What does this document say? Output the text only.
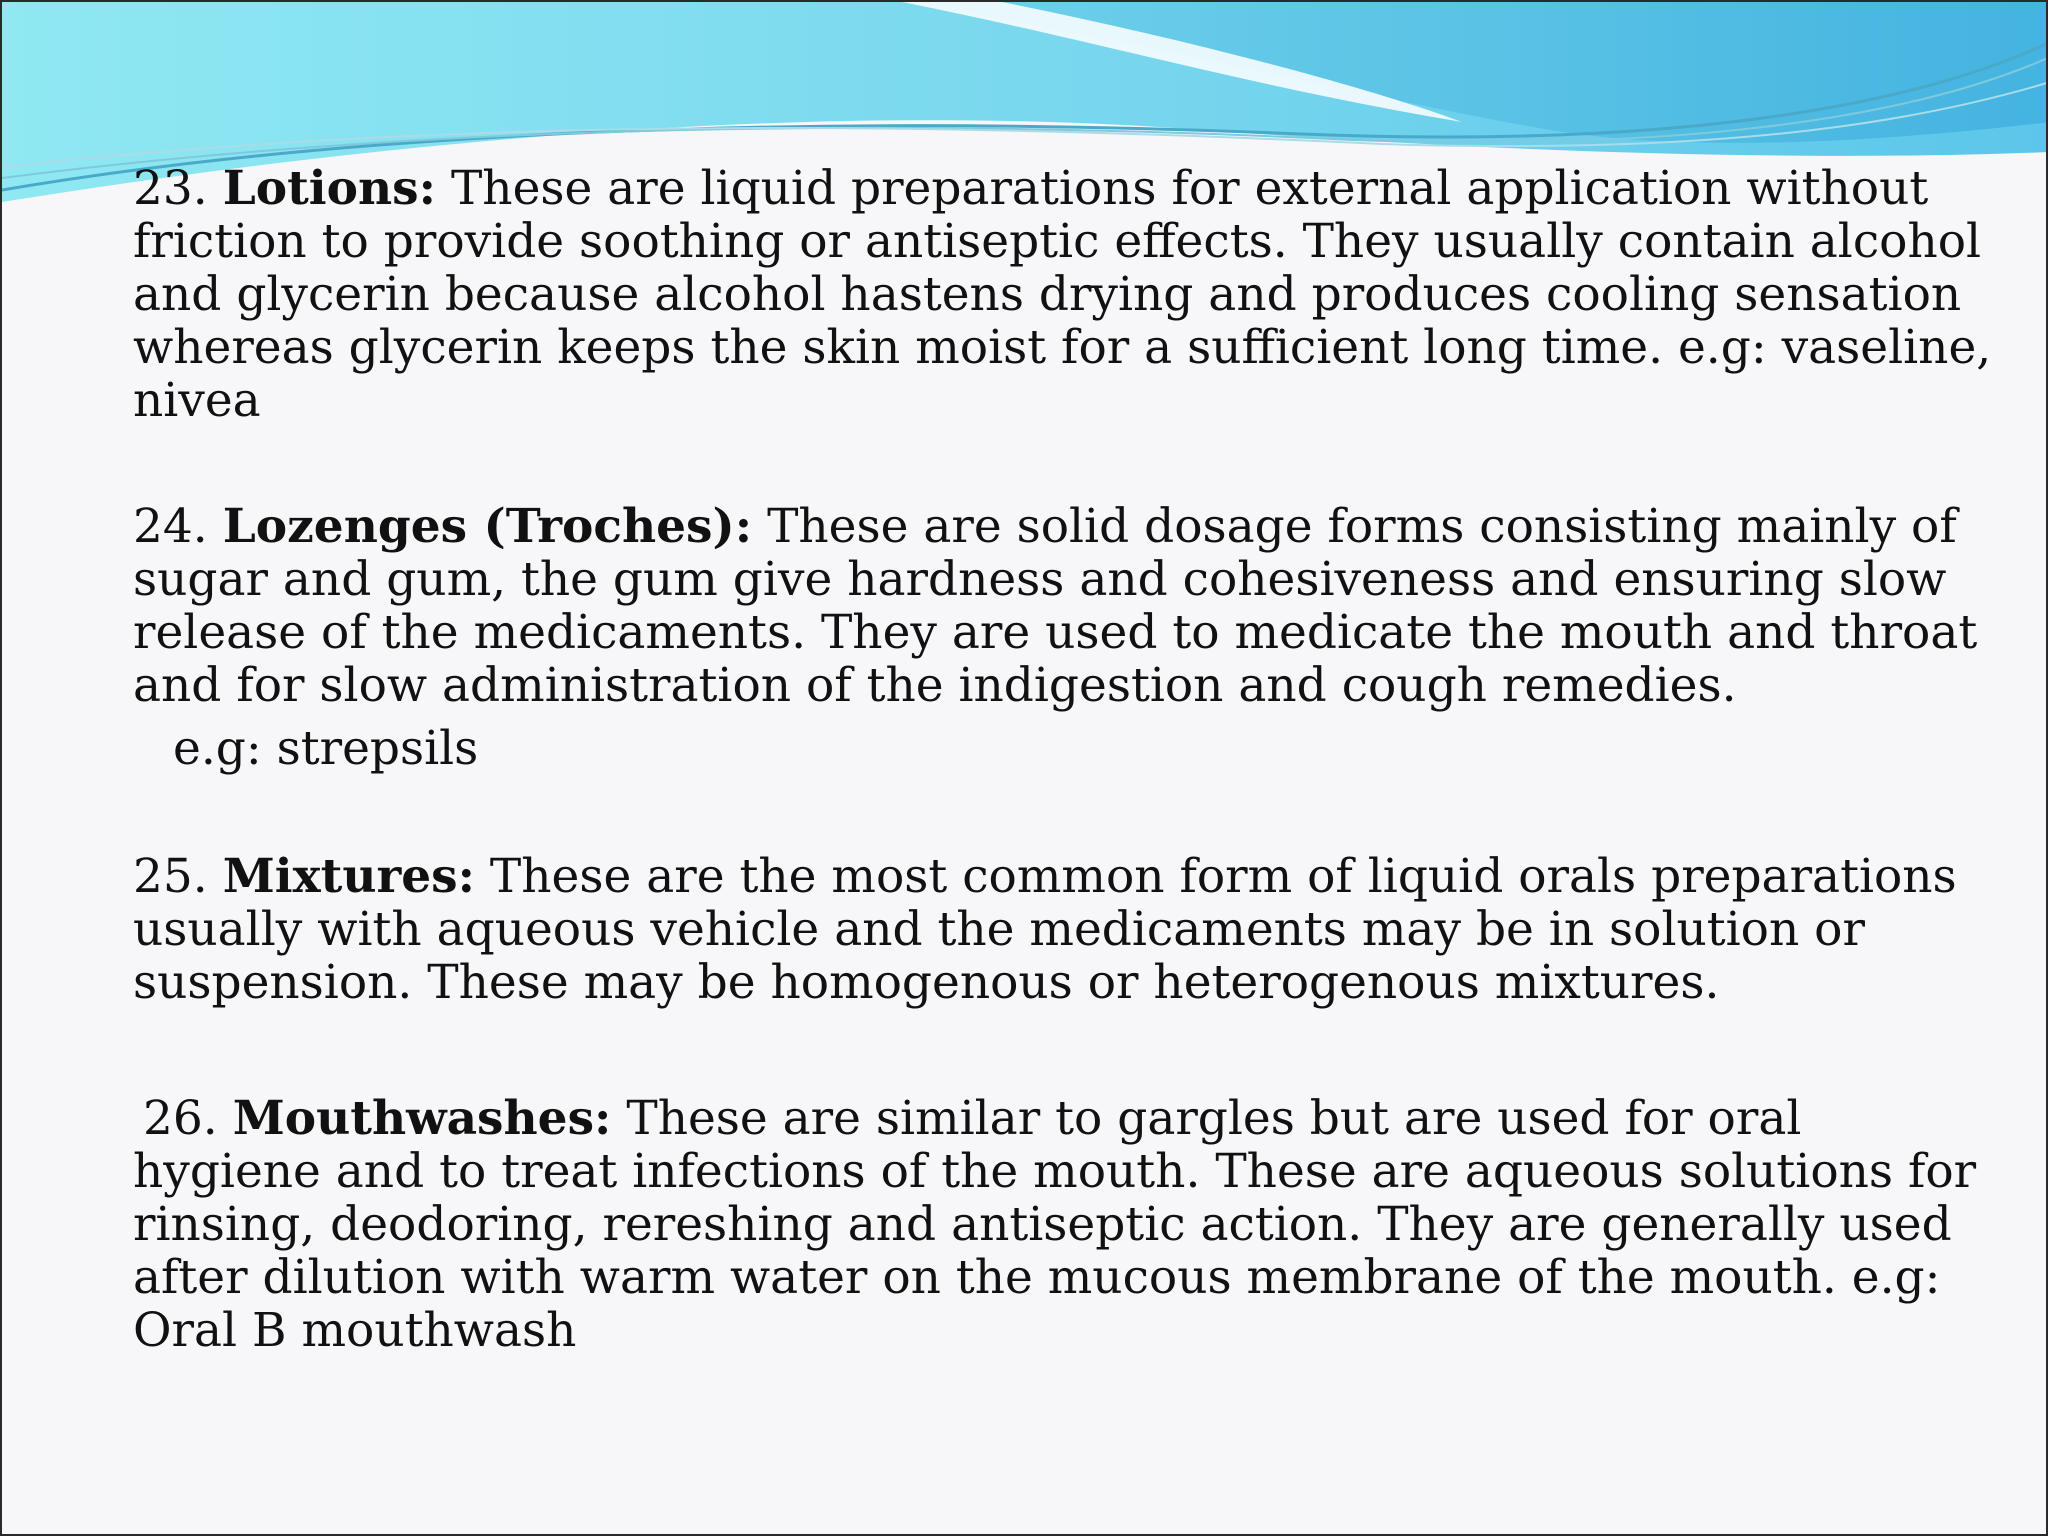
23. Lotions: These are liquid preparations for external application without friction to provide soothing or antiseptic effects. They usually contain alcohol and glycerin because alcohol hastens drying and produces cooling sensation whereas glycerin keeps the skin moist for a sufficient long time. e.g: vaseline, nivea

24. Lozenges (Troches): These are solid dosage forms consisting mainly of sugar and gum, the gum give hardness and cohesiveness and ensuring slow release of the medicaments. They are used to medicate the mouth and throat and for slow administration of the indigestion and cough remedies.
e.g: strepsils

25. Mixtures: These are the most common form of liquid orals preparations usually with aqueous vehicle and the medicaments may be in solution or suspension. These may be homogenous or heterogenous mixtures.

26. Mouthwashes: These are similar to gargles but are used for oral hygiene and to treat infections of the mouth. These are aqueous solutions for rinsing, deodoring, rereshing and antiseptic action. They are generally used after dilution with warm water on the mucous membrane of the mouth. e.g: Oral B mouthwash
